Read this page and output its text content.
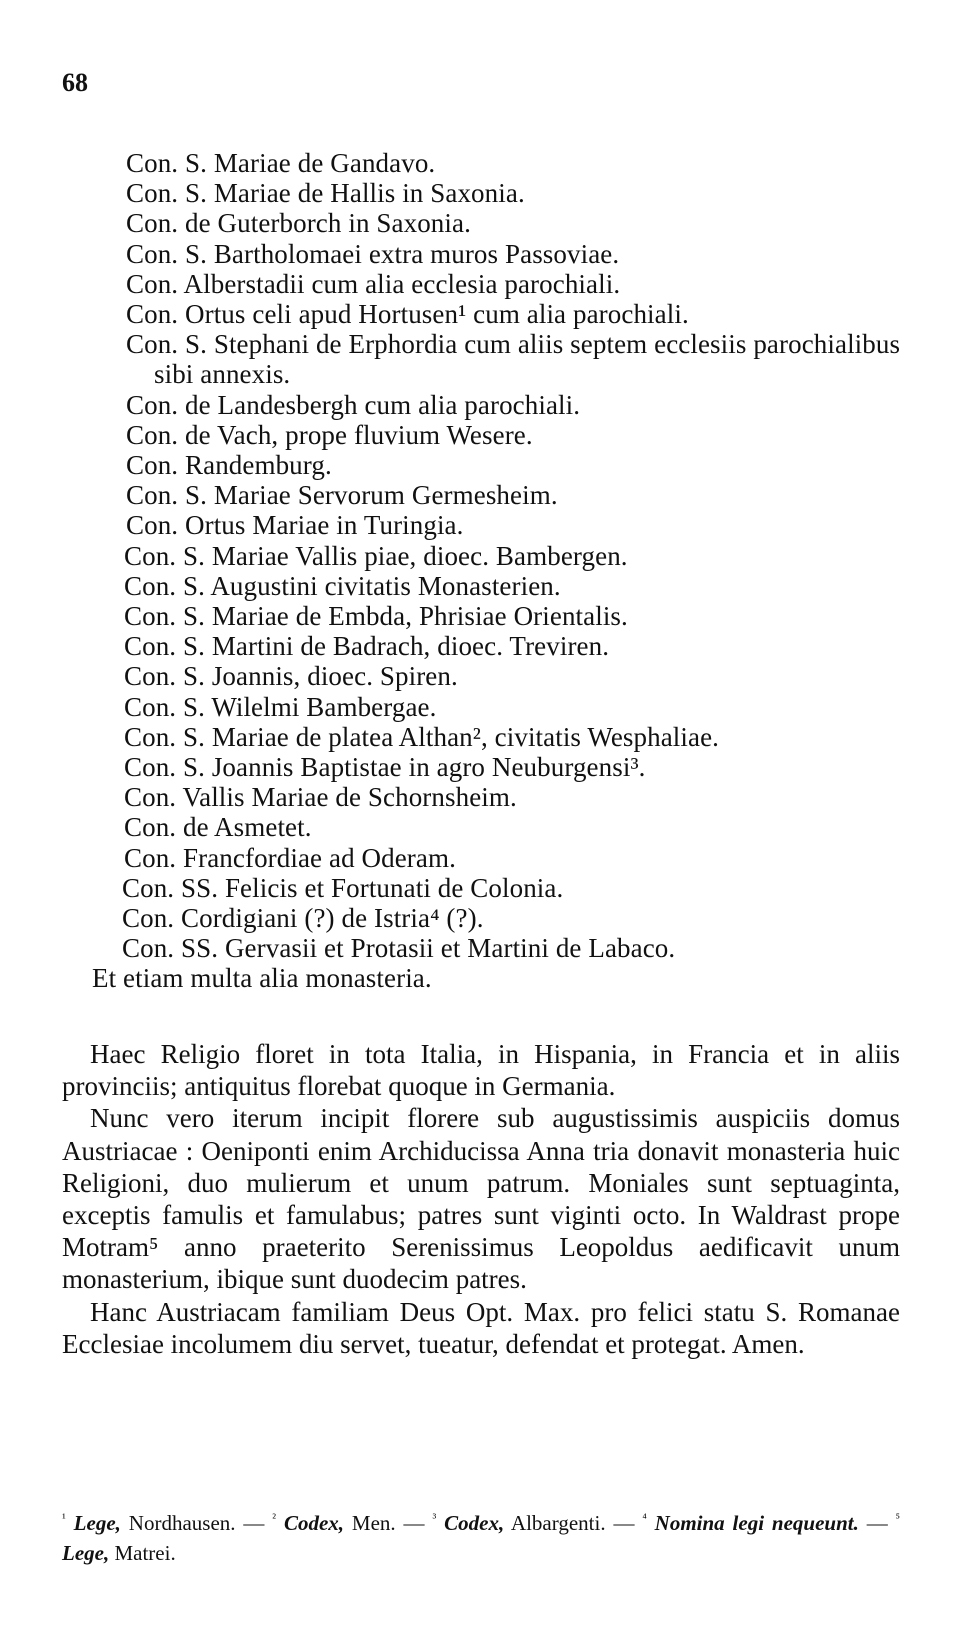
68
Con. S. Mariae de Gandavo.
Con. S. Mariae de Hallis in Saxonia.
Con. de Guterborch in Saxonia.
Con. S. Bartholomaei extra muros Passoviae.
Con. Alberstadii cum alia ecclesia parochiali.
Con. Ortus celi apud Hortusen¹ cum alia parochiali.
Con. S. Stephani de Erphordia cum aliis septem ecclesiis parochialibus sibi annexis.
Con. de Landesbergh cum alia parochiali.
Con. de Vach, prope fluvium Wesere.
Con. Randemburg.
Con. S. Mariae Servorum Germesheim.
Con. Ortus Mariae in Turingia.
Con. S. Mariae Vallis piae, dioec. Bambergen.
Con. S. Augustini civitatis Monasterien.
Con. S. Mariae de Embda, Phrisiae Orientalis.
Con. S. Martini de Badrach, dioec. Treviren.
Con. S. Joannis, dioec. Spiren.
Con. S. Wilelmi Bambergae.
Con. S. Mariae de platea Althan², civitatis Wesphaliae.
Con. S. Joannis Baptistae in agro Neuburgensi³.
Con. Vallis Mariae de Schornsheim.
Con. de Asmetet.
Con. Francfordiae ad Oderam.
Con. SS. Felicis et Fortunati de Colonia.
Con. Cordigiani (?) de Istria⁴ (?).
Con. SS. Gervasii et Protasii et Martini de Labaco.
Et etiam multa alia monasteria.

Haec Religio floret in tota Italia, in Hispania, in Francia et in aliis provinciis; antiquitus florebat quoque in Germania.

Nunc vero iterum incipit florere sub augustissimis auspiciis domus Austriacae : Oeniponti enim Archiducissa Anna tria donavit monasteria huic Religioni, duo mulierum et unum patrum. Moniales sunt septuaginta, exceptis famulis et famulabus; patres sunt viginti octo. In Waldrast prope Motram⁵ anno praeterito Serenissimus Leopoldus aedificavit unum monasterium, ibique sunt duodecim patres.

Hanc Austriacam familiam Deus Opt. Max. pro felici statu S. Romanae Ecclesiae incolumem diu servet, tueatur, defendat et protegat. Amen.

$^{^1}$ Lege, Nordhausen. — $^{^2}$ Codex, Men. — $^{^3}$ Codex, Albargenti. — $^{^4}$ Nomina legi nequeunt. — $^{^5}$ Lege, Matrei.
